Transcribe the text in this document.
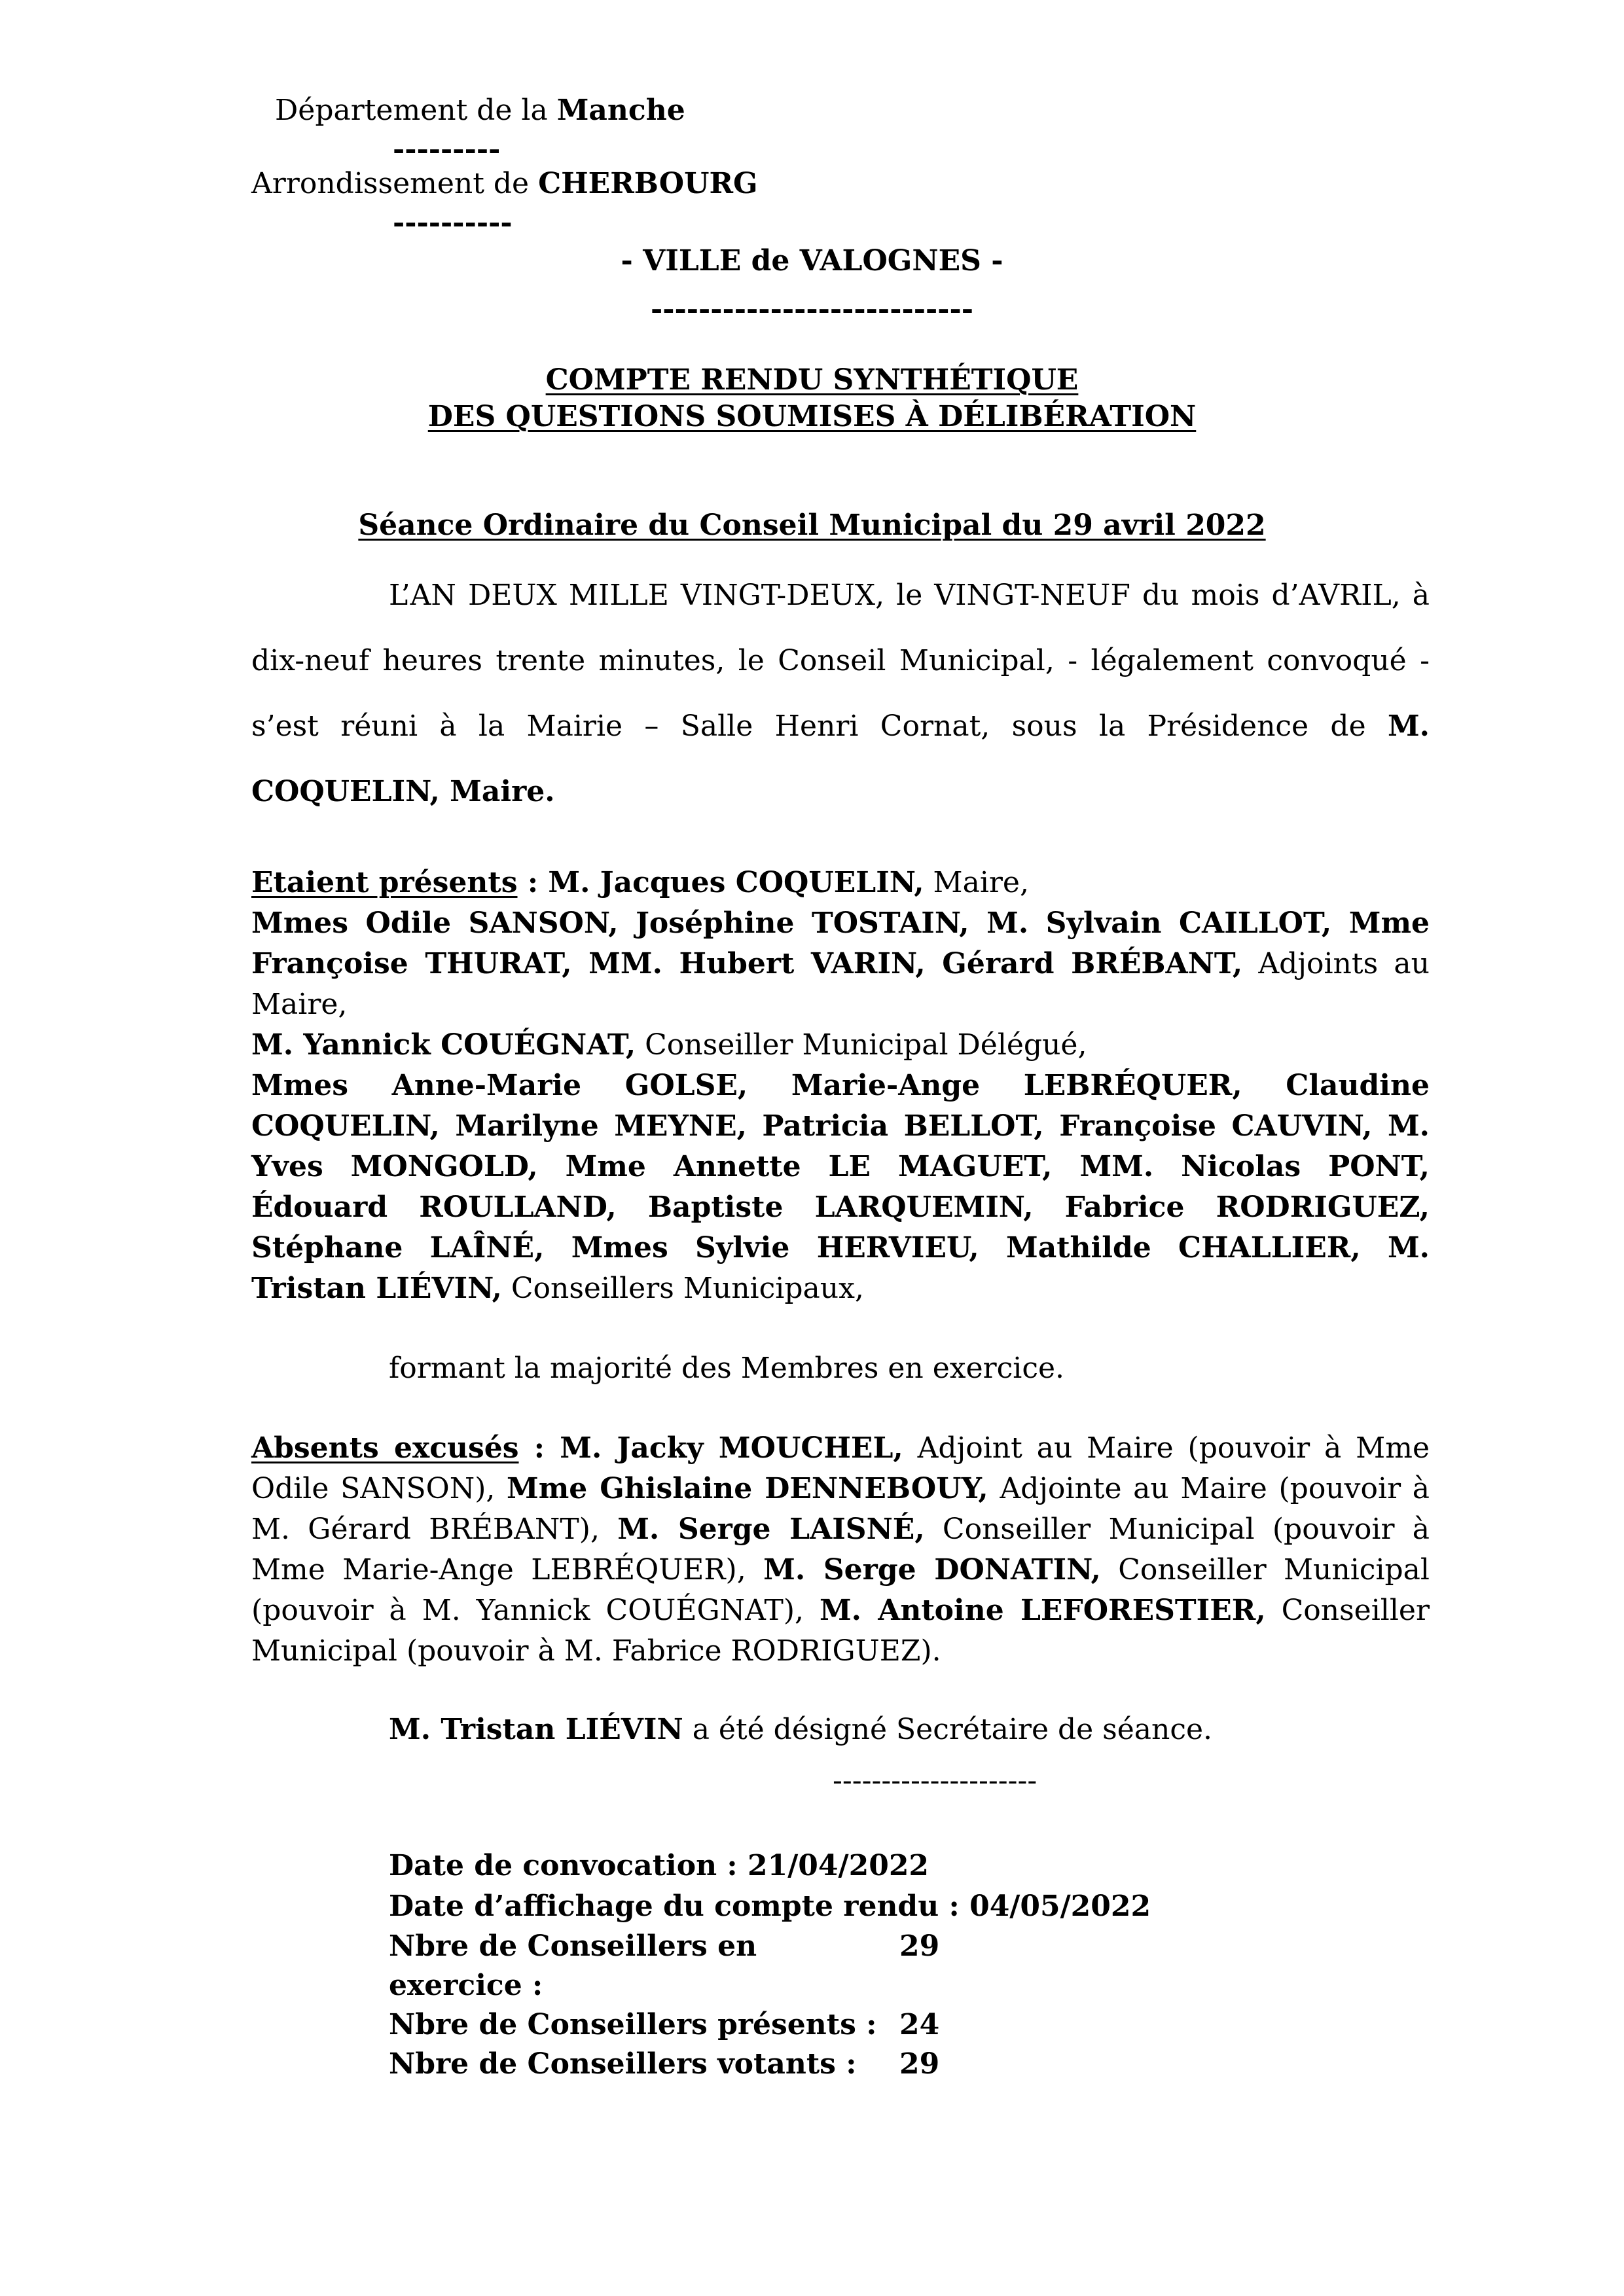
Département de la Manche
---------
Arrondissement de CHERBOURG
----------
- VILLE de VALOGNES -
---------------------------
COMPTE RENDU SYNTHÉTIQUE
DES QUESTIONS SOUMISES À DÉLIBÉRATION
Séance Ordinaire du Conseil Municipal du 29 avril 2022
L’AN DEUX MILLE VINGT-DEUX, le VINGT-NEUF du mois d’AVRIL, à dix-neuf heures trente minutes, le Conseil Municipal, - légalement convoqué - s’est réuni à la Mairie – Salle Henri Cornat, sous la Présidence de M. COQUELIN, Maire.
Etaient présents : M. Jacques COQUELIN, Maire,
Mmes Odile SANSON, Joséphine TOSTAIN, M. Sylvain CAILLOT, Mme Françoise THURAT, MM. Hubert VARIN, Gérard BRÉBANT, Adjoints au Maire,
M. Yannick COUÉGNAT, Conseiller Municipal Délégué,
Mmes Anne-Marie GOLSE, Marie-Ange LEBRÉQUER, Claudine COQUELIN, Marilyne MEYNE, Patricia BELLOT, Françoise CAUVIN, M. Yves MONGOLD, Mme Annette LE MAGUET, MM. Nicolas PONT, Édouard ROULLAND, Baptiste LARQUEMIN, Fabrice RODRIGUEZ, Stéphane LAÎNÉ, Mmes Sylvie HERVIEU, Mathilde CHALLIER, M. Tristan LIÉVIN, Conseillers Municipaux,
formant la majorité des Membres en exercice.
Absents excusés : M. Jacky MOUCHEL, Adjoint au Maire (pouvoir à Mme Odile SANSON), Mme Ghislaine DENNEBOUY, Adjointe au Maire (pouvoir à M. Gérard BRÉBANT), M. Serge LAISNÉ, Conseiller Municipal (pouvoir à Mme Marie-Ange LEBRÉQUER), M. Serge DONATIN, Conseiller Municipal (pouvoir à M. Yannick COUÉGNAT), M. Antoine LEFORESTIER, Conseiller Municipal (pouvoir à M. Fabrice RODRIGUEZ).
M. Tristan LIÉVIN a été désigné Secrétaire de séance.
---------------------
Date de convocation : 21/04/2022
Date d’affichage du compte rendu : 04/05/2022
Nbre de Conseillers en exercice :	29
Nbre de Conseillers présents :	24
Nbre de Conseillers votants :	29
